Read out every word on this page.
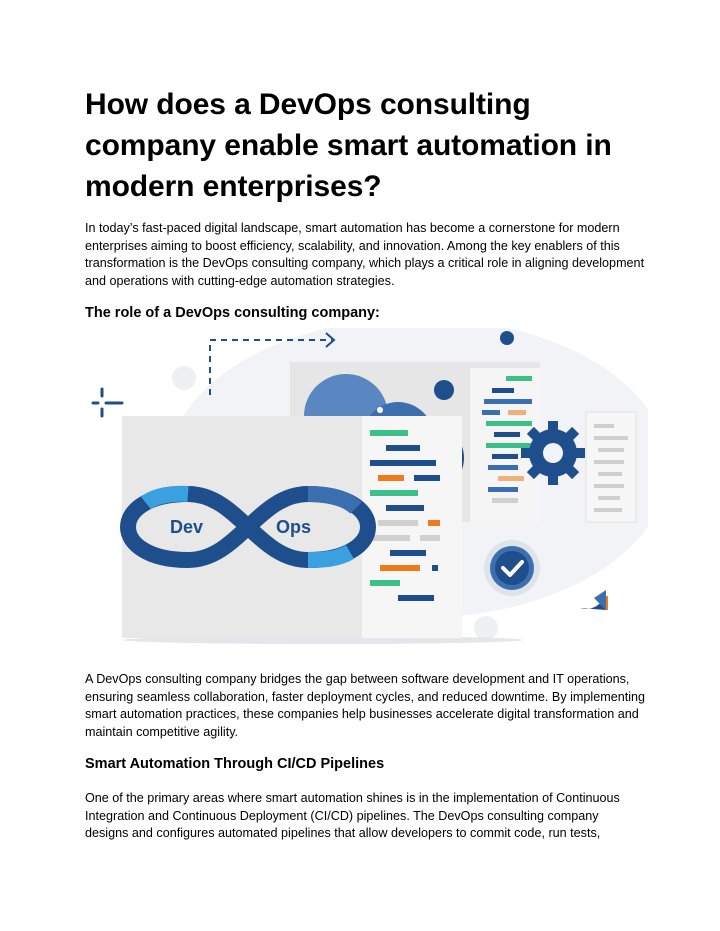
How does a DevOps consulting company enable smart automation in modern enterprises?

In today’s fast-paced digital landscape, smart automation has become a cornerstone for modern enterprises aiming to boost efficiency, scalability, and innovation. Among the key enablers of this transformation is the DevOps consulting company, which plays a critical role in aligning development and operations with cutting-edge automation strategies.

The role of a DevOps consulting company:
Dev	Ops

A DevOps consulting company bridges the gap between software development and IT operations, ensuring seamless collaboration, faster deployment cycles, and reduced downtime. By implementing smart automation practices, these companies help businesses accelerate digital transformation and maintain competitive agility.

Smart Automation Through CI/CD Pipelines

One of the primary areas where smart automation shines is in the implementation of Continuous Integration and Continuous Deployment (CI/CD) pipelines. The DevOps consulting company designs and configures automated pipelines that allow developers to commit code, run tests,
